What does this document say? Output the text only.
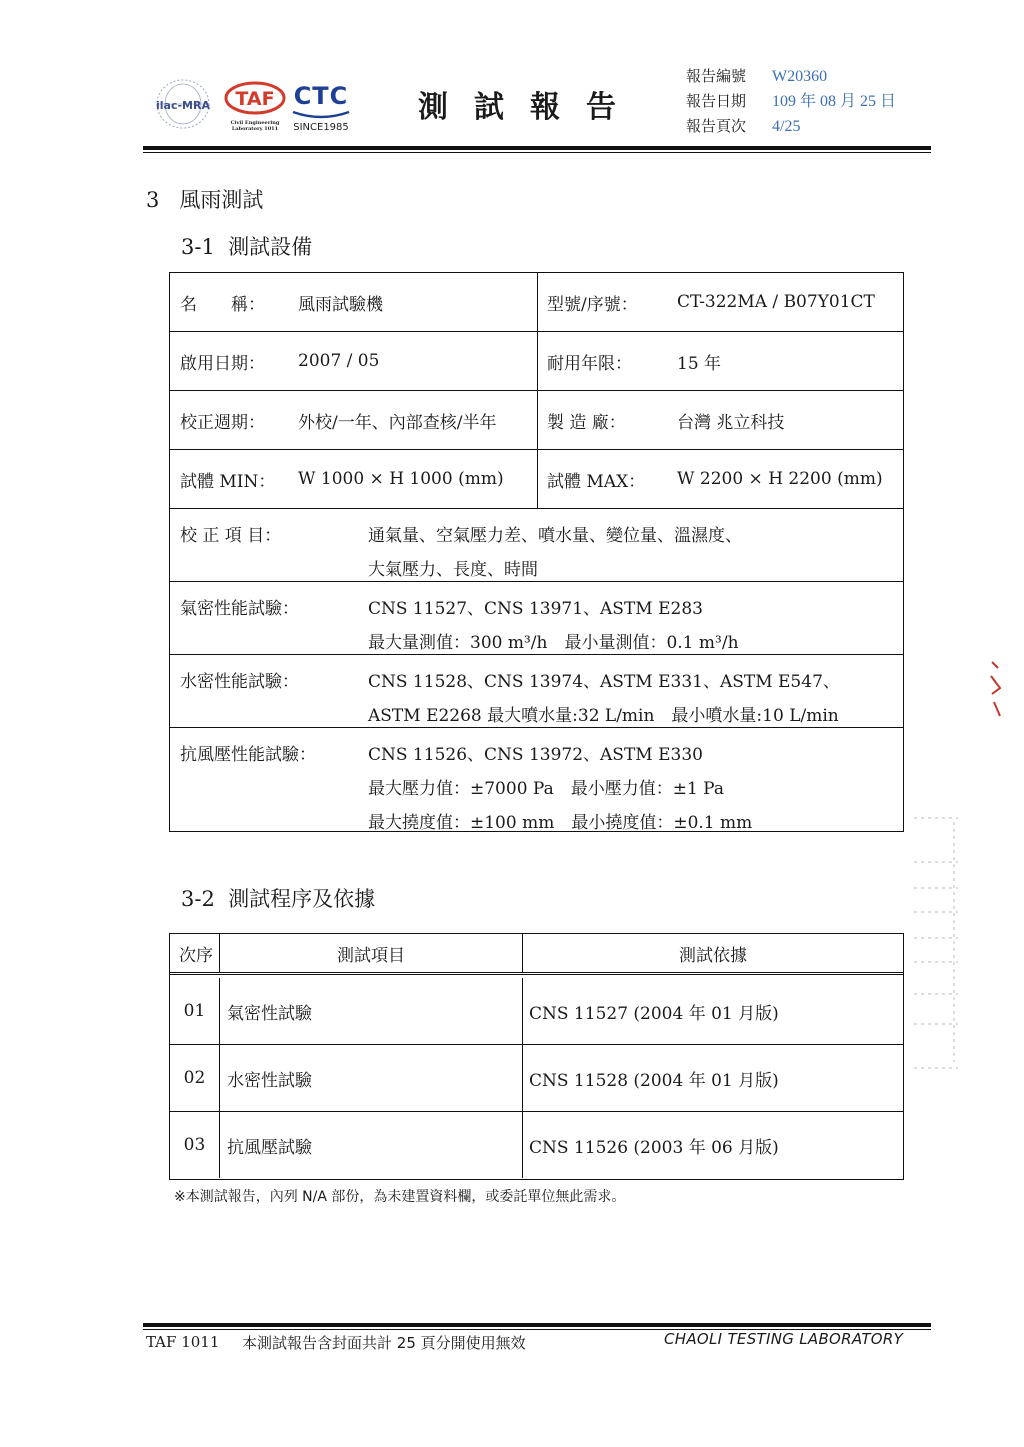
ilac-MRA TAF
Civil Engineering Laboratory 1011
CTC
SINCE1985
測試報告
報告編號	W20360
報告日期	109 年 08 月 25 日
報告頁次	4/25
3 風雨測試
3-1 測試設備
名　　稱： 風雨試驗機	型號/序號： CT-322MA / B07Y01CT
啟用日期： 2007 / 05	耐用年限：	15 年
校正週期： 外校/一年、內部查核/半年	製 造 廠：	台灣 兆立科技
試體 MIN： W 1000 × H 1000 (mm)	試體 MAX： W 2200 × H 2200 (mm)
校 正 項 目：	通氣量、空氣壓力差、噴水量、變位量、溫濕度、
大氣壓力、長度、時間
氣密性能試驗：	CNS 11527、CNS 13971、ASTM E283
最大量測值：300 m³/h　最小量測值：0.1 m³/h
水密性能試驗：	CNS 11528、CNS 13974、ASTM E331、ASTM E547、
ASTM E2268 最大噴水量:32 L/min　最小噴水量:10 L/min
抗風壓性能試驗：	CNS 11526、CNS 13972、ASTM E330
最大壓力值：±7000 Pa　最小壓力值：±1 Pa
最大撓度值：±100 mm　最小撓度值：±0.1 mm
3-2 測試程序及依據
次序	測試項目	測試依據
01	氣密性試驗	CNS 11527 (2004 年 01 月版)
02	水密性試驗	CNS 11528 (2004 年 01 月版)
03	抗風壓試驗	CNS 11526 (2003 年 06 月版)
※本測試報告，內列 N/A 部份，為未建置資料欄，或委託單位無此需求。
TAF 1011 本測試報告含封面共計 25 頁分開使用無效	CHAOLI TESTING LABORATORY
